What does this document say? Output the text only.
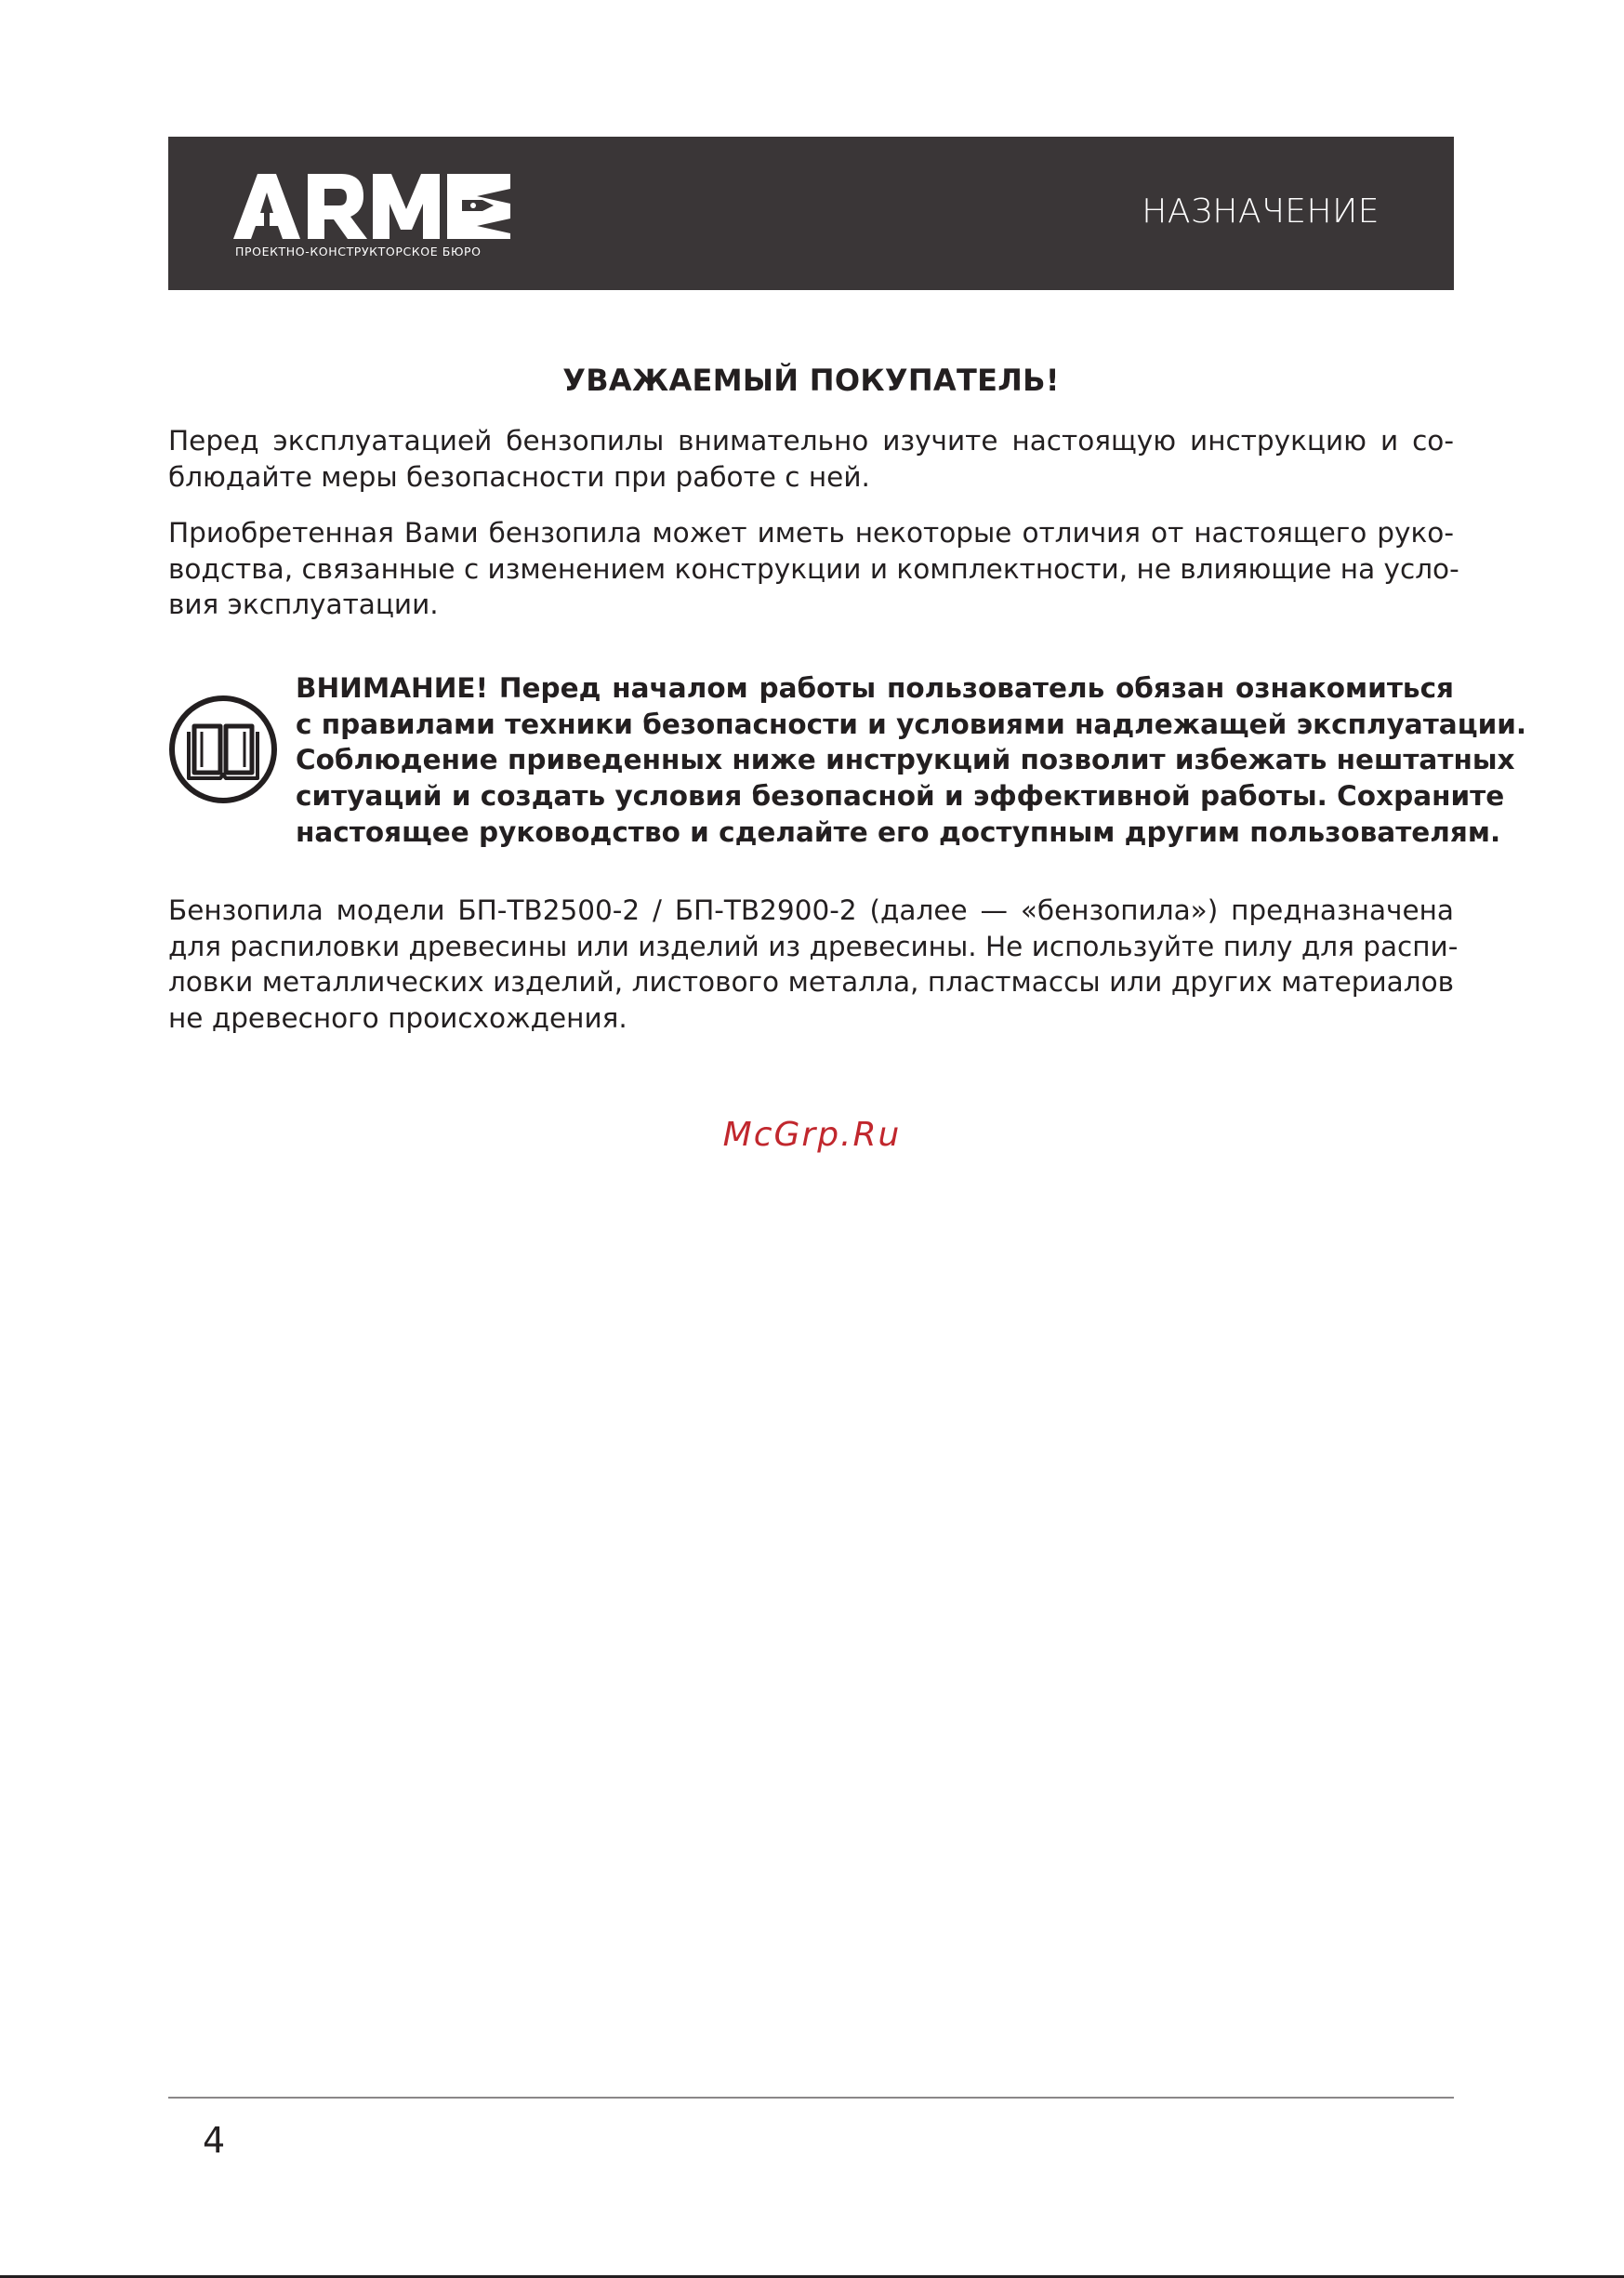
ПРОЕКТНО-КОНСТРУКТОРСКОЕ БЮРО
НАЗНАЧЕНИЕ
УВАЖАЕМЫЙ ПОКУПАТЕЛЬ!
Перед эксплуатацией бензопилы внимательно изучите настоящую инструкцию и со-
блюдайте меры безопасности при работе с ней.
Приобретенная Вами бензопила может иметь некоторые отличия от настоящего руко-
водства, связанные с изменением конструкции и комплектности, не влияющие на усло-
вия эксплуатации.
ВНИМАНИЕ! Перед началом работы пользователь обязан ознакомиться
с правилами техники безопасности и условиями надлежащей эксплуатации.
Соблюдение приведенных ниже инструкций позволит избежать нештатных
ситуаций и создать условия безопасной и эффективной работы. Сохраните
настоящее руководство и сделайте его доступным другим пользователям.
Бензопила модели БП-ТВ2500-2 / БП-ТВ2900-2 (далее — «бензопила») предназначена
для распиловки древесины или изделий из древесины. Не используйте пилу для распи-
ловки металлических изделий, листового металла, пластмассы или других материалов
не древесного происхождения.
McGrp.Ru
4
